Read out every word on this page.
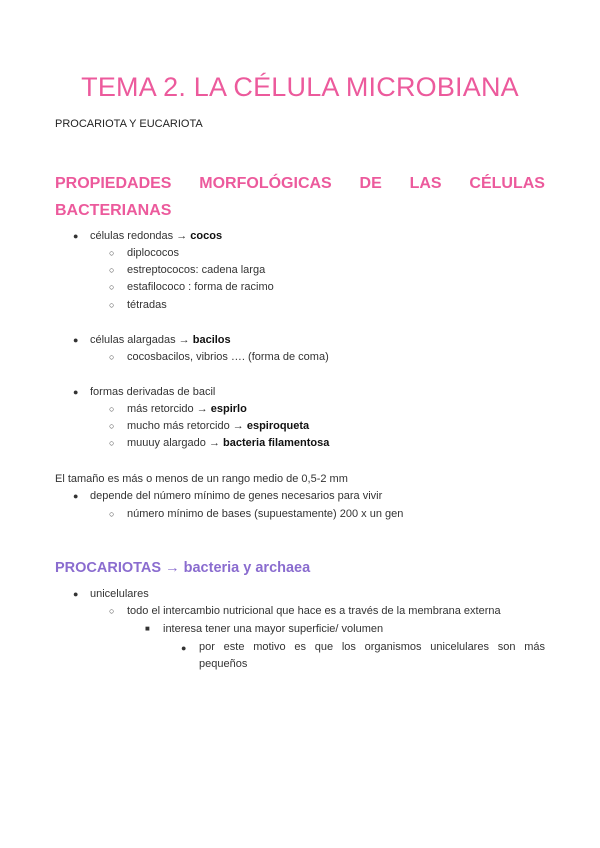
TEMA 2. LA CÉLULA MICROBIANA
PROCARIOTA Y EUCARIOTA
PROPIEDADES MORFOLÓGICAS DE LAS CÉLULAS
BACTERIANAS
● células redondas → cocos
○ diplococos
○ estreptococos: cadena larga
○ estafilococo : forma de racimo
○ tétradas
● células alargadas → bacilos
○ cocosbacilos, vibrios …. (forma de coma)
● formas derivadas de bacil
○ más retorcido → espirlo
○ mucho más retorcido → espiroqueta
○ muuuy alargado → bacteria filamentosa
El tamaño es más o menos de un rango medio de 0,5-2 mm
● depende del número mínimo de genes necesarios para vivir
○ número mínimo de bases (supuestamente) 200 x un gen
PROCARIOTAS → bacteria y archaea
● unicelulares
○ todo el intercambio nutricional que hace es a través de la membrana externa
■ interesa tener una mayor superficie/ volumen
● por este motivo es que los organismos unicelulares son más
pequeños
